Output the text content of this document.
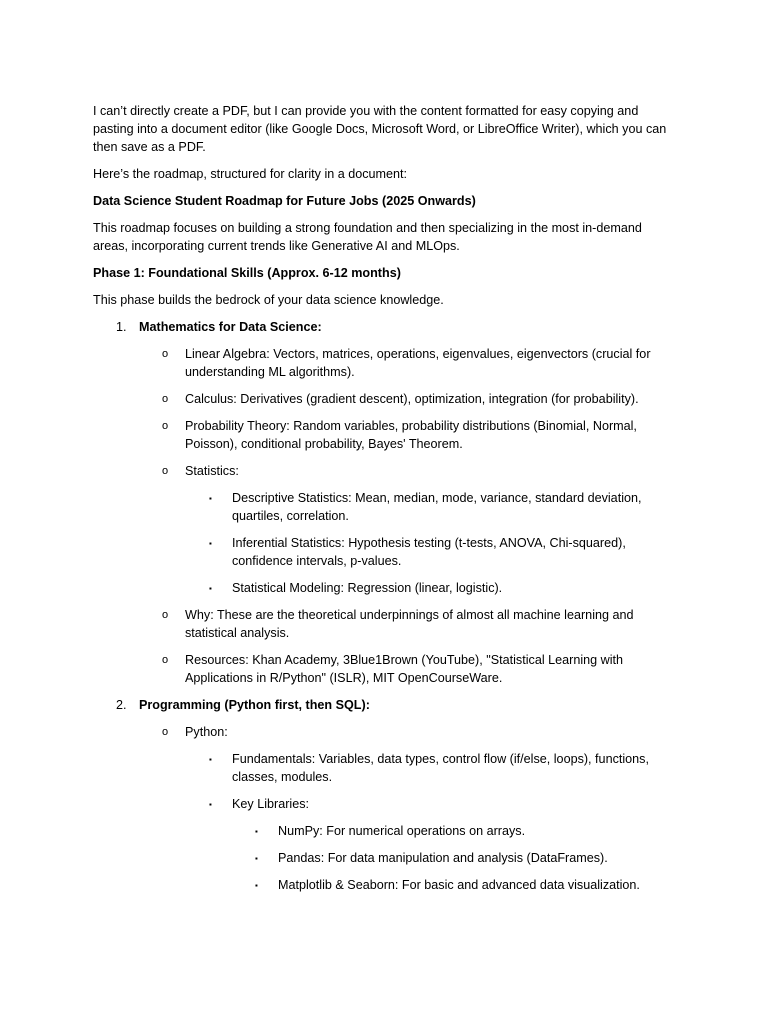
I can’t directly create a PDF, but I can provide you with the content formatted for easy copying and pasting into a document editor (like Google Docs, Microsoft Word, or LibreOffice Writer), which you can then save as a PDF.

Here’s the roadmap, structured for clarity in a document:

Data Science Student Roadmap for Future Jobs (2025 Onwards)

This roadmap focuses on building a strong foundation and then specializing in the most in-demand areas, incorporating current trends like Generative AI and MLOps.

Phase 1: Foundational Skills (Approx. 6-12 months)

This phase builds the bedrock of your data science knowledge.

1. Mathematics for Data Science:
o Linear Algebra: Vectors, matrices, operations, eigenvalues, eigenvectors (crucial for understanding ML algorithms).
o Calculus: Derivatives (gradient descent), optimization, integration (for probability).
o Probability Theory: Random variables, probability distributions (Binomial, Normal, Poisson), conditional probability, Bayes' Theorem.
o Statistics:
▪ Descriptive Statistics: Mean, median, mode, variance, standard deviation, quartiles, correlation.
▪ Inferential Statistics: Hypothesis testing (t-tests, ANOVA, Chi-squared), confidence intervals, p-values.
▪ Statistical Modeling: Regression (linear, logistic).
o Why: These are the theoretical underpinnings of almost all machine learning and statistical analysis.
o Resources: Khan Academy, 3Blue1Brown (YouTube), "Statistical Learning with Applications in R/Python" (ISLR), MIT OpenCourseWare.
2. Programming (Python first, then SQL):
o Python:
▪ Fundamentals: Variables, data types, control flow (if/else, loops), functions, classes, modules.
▪ Key Libraries:
▪ NumPy: For numerical operations on arrays.
▪ Pandas: For data manipulation and analysis (DataFrames).
▪ Matplotlib & Seaborn: For basic and advanced data visualization.
